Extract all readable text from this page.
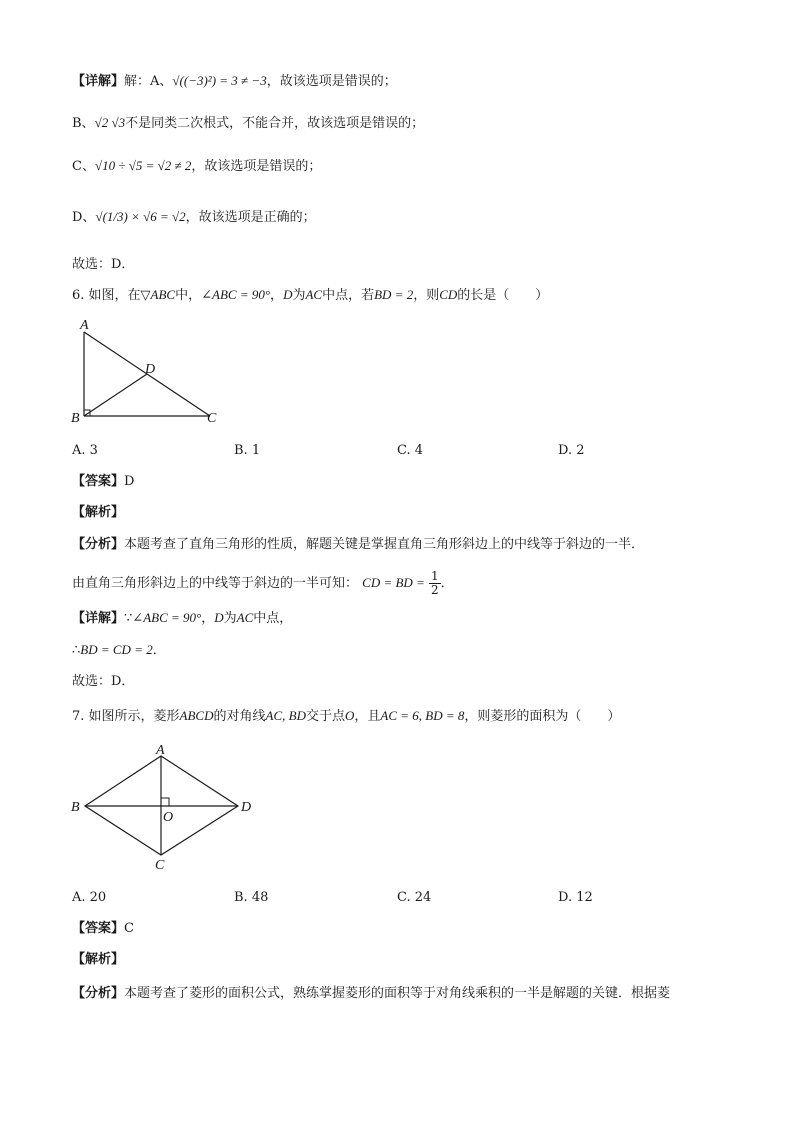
【详解】解：A、√((−3)²) = 3 ≠ −3，故该选项是错误的；
B、√2 √3不是同类二次根式，不能合并，故该选项是错误的；
C、√10 ÷ √5 = √2 ≠ 2，故该选项是错误的；
D、√(1/3) × √6 = √2，故该选项是正确的；
故选：D．
6. 如图，在▽ABC中，∠ABC = 90°，D为AC中点，若BD = 2，则CD的长是（　　）
A
B	C
D
A. 3	B. 1	C. 4	D. 2
【答案】D
【解析】
【分析】本题考查了直角三角形的性质，解题关键是掌握直角三角形斜边上的中线等于斜边的一半．
由直角三角形斜边上的中线等于斜边的一半可知： CD = BD = $\frac{1}{2}$ ．
【详解】∵∠ABC = 90°，D为AC中点，
∴BD = CD = 2．
故选：D．
7. 如图所示，菱形ABCD的对角线AC, BD交于点O，且AC = 6, BD = 8，则菱形的面积为（　　）
A
B	D
C
O
A. 20	B. 48	C. 24	D. 12
【答案】C
【解析】
【分析】本题考查了菱形的面积公式，熟练掌握菱形的面积等于对角线乘积的一半是解题的关键．根据菱
